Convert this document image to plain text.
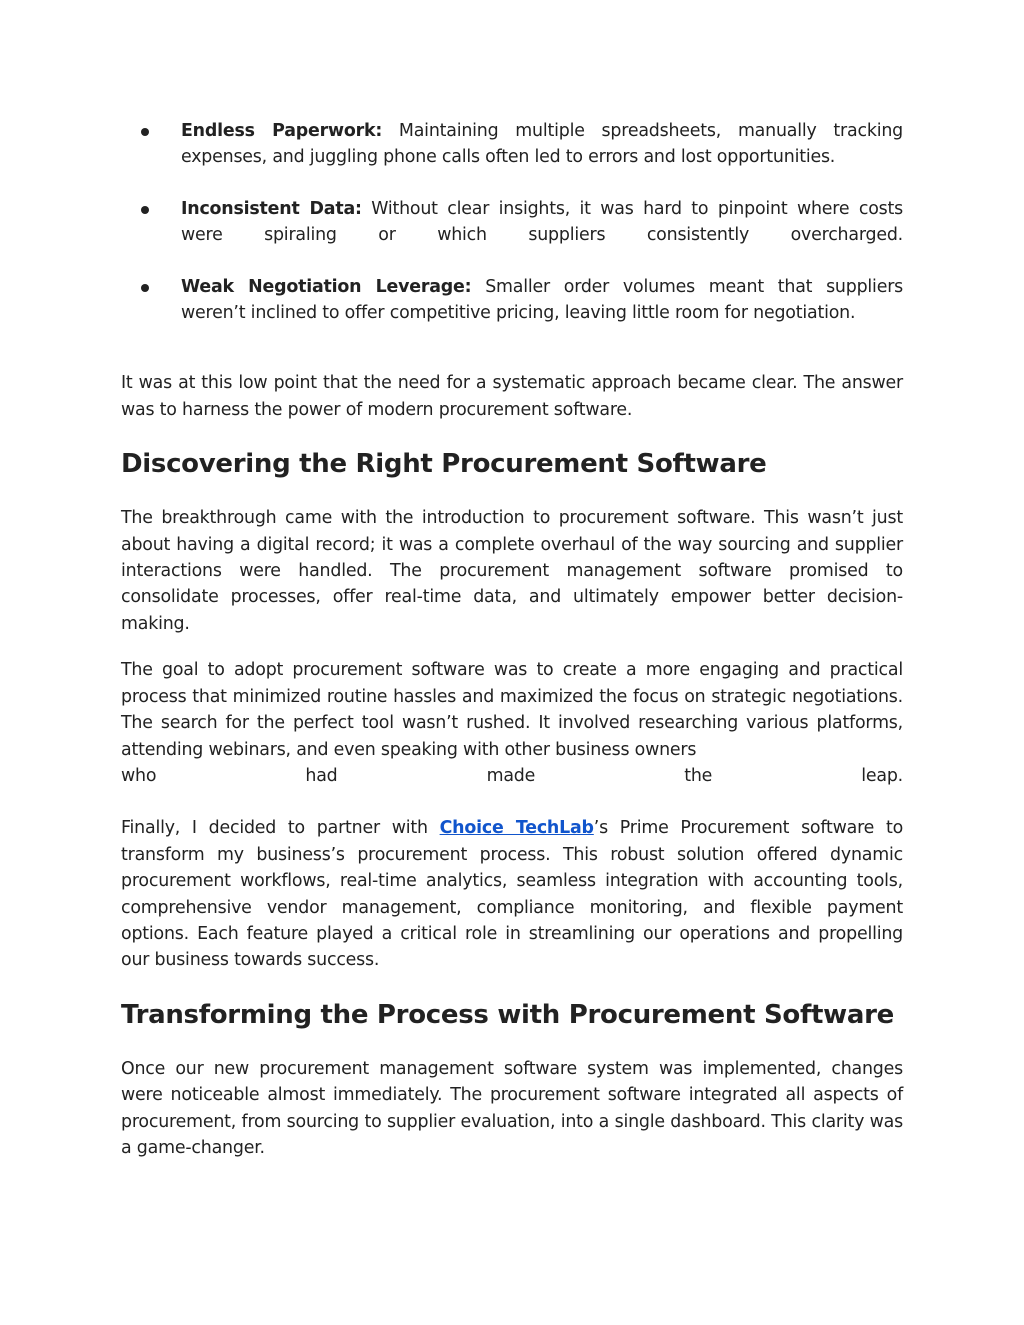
Endless Paperwork: Maintaining multiple spreadsheets, manually tracking
expenses, and juggling phone calls often led to errors and lost opportunities.
Inconsistent Data: Without clear insights, it was hard to pinpoint where costs
were spiraling or which suppliers consistently overcharged.
Weak Negotiation Leverage: Smaller order volumes meant that suppliers
weren’t inclined to offer competitive pricing, leaving little room for negotiation.

It was at this low point that the need for a systematic approach became clear. The answer was to harness the power of modern procurement software.

Discovering the Right Procurement Software

The breakthrough came with the introduction to procurement software. This wasn’t just about having a digital record; it was a complete overhaul of the way sourcing and supplier interactions were handled. The procurement management software promised to consolidate processes, offer real-time data, and ultimately empower better decision-making.

The goal to adopt procurement software was to create a more engaging and practical process that minimized routine hassles and maximized the focus on strategic negotiations. The search for the perfect tool wasn’t rushed. It involved researching various platforms, attending webinars, and even speaking with other business owners

who had made the leap.

Finally, I decided to partner with Choice TechLab’s Prime Procurement software to transform my business’s procurement process. This robust solution offered dynamic procurement workflows, real-time analytics, seamless integration with accounting tools, comprehensive vendor management, compliance monitoring, and flexible payment options. Each feature played a critical role in streamlining our operations and propelling our business towards success.

Transforming the Process with Procurement Software

Once our new procurement management software system was implemented, changes were noticeable almost immediately. The procurement software integrated all aspects of procurement, from sourcing to supplier evaluation, into a single dashboard. This clarity was a game-changer.
